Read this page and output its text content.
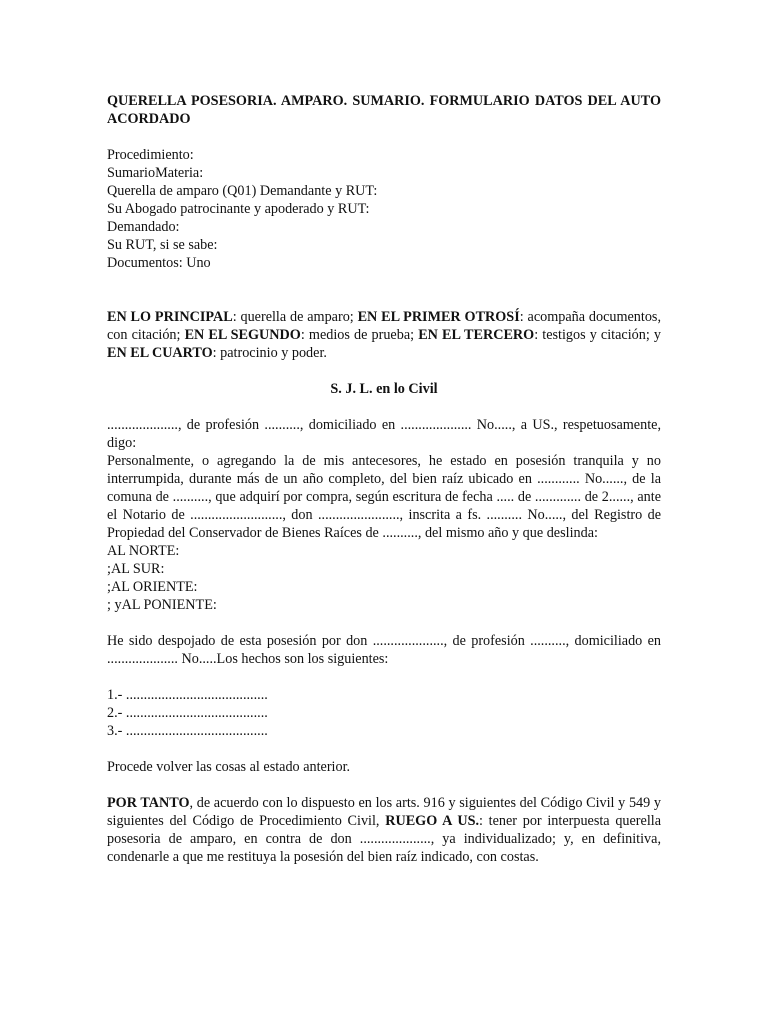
QUERELLA POSESORIA. AMPARO. SUMARIO. FORMULARIO DATOS DEL AUTO ACORDADO

Procedimiento:
SumarioMateria:
Querella de amparo (Q01) Demandante y RUT:
Su Abogado patrocinante y apoderado y RUT:
Demandado:
Su RUT, si se sabe:
Documentos: Uno

EN LO PRINCIPAL: querella de amparo; EN EL PRIMER OTROSÍ: acompaña documentos, con citación; EN EL SEGUNDO: medios de prueba; EN EL TERCERO: testigos y citación; y EN EL CUARTO: patrocinio y poder.

S. J. L. en lo Civil

...................., de profesión .........., domiciliado en .................... No....., a US., respetuosamente, digo:

Personalmente, o agregando la de mis antecesores, he estado en posesión tranquila y no interrumpida, durante más de un año completo, del bien raíz ubicado en ............ No......, de la comuna de .........., que adquirí por compra, según escritura de fecha ..... de ............. de 2......, ante el Notario de .........................., don ......................., inscrita a fs. .......... No....., del Registro de Propiedad del Conservador de Bienes Raíces de .........., del mismo año y que deslinda:

AL NORTE:
;AL SUR:
;AL ORIENTE:
; yAL PONIENTE:

He sido despojado de esta posesión por don ...................., de profesión .........., domiciliado en .................... No.....Los hechos son los siguientes:

1.- ........................................
2.- ........................................
3.- ........................................

Procede volver las cosas al estado anterior.

POR TANTO, de acuerdo con lo dispuesto en los arts. 916 y siguientes del Código Civil y 549 y siguientes del Código de Procedimiento Civil, RUEGO A US.: tener por interpuesta querella posesoria de amparo, en contra de don ...................., ya individualizado; y, en definitiva, condenarle a que me restituya la posesión del bien raíz indicado, con costas.
